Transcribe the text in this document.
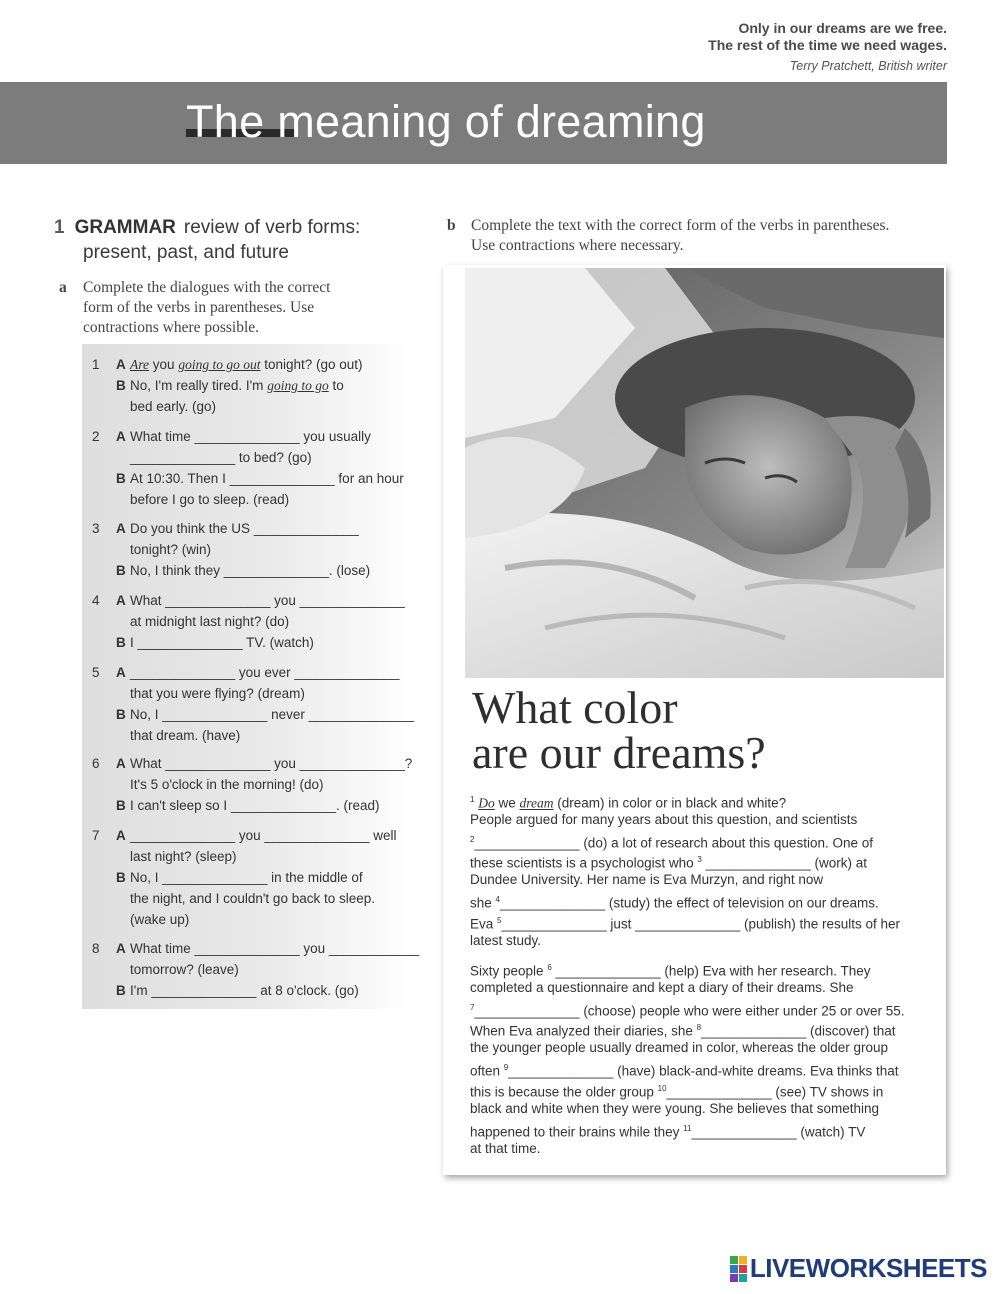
Only in our dreams are we free.
The rest of the time we need wages.
Terry Pratchett, British writer
The meaning of dreaming
1 GRAMMAR review of verb forms:
present, past, and future
a Complete the dialogues with the correct
form of the verbs in parentheses. Use
contractions where possible.
b Complete the text with the correct form of the verbs in parentheses.
Use contractions where necessary.
1 A Are you going to go out tonight? (go out)
B No, I'm really tired. I'm going to go to
bed early. (go)
2 A What time ______________ you usually
______________ to bed? (go)
B At 10:30. Then I ______________ for an hour
before I go to sleep. (read)
3 A Do you think the US ______________
tonight? (win)
B No, I think they ______________. (lose)
4 A What ______________ you ______________
at midnight last night? (do)
B I ______________ TV. (watch)
5 A ______________ you ever ______________
that you were flying? (dream)
B No, I ______________ never ______________
that dream. (have)
6 A What ______________ you ______________?
It's 5 o'clock in the morning! (do)
B I can't sleep so I ______________. (read)
7 A ______________ you ______________ well
last night? (sleep)
B No, I ______________ in the middle of
the night, and I couldn't go back to sleep.
(wake up)
8 A What time ______________ you ____________
tomorrow? (leave)
B I'm ______________ at 8 o'clock. (go)
What color
are our dreams?
$^1$ Do we dream (dream) in color or in black and white?
People argued for many years about this question, and scientists
$^2$______________ (do) a lot of research about this question. One of
these scientists is a psychologist who $^3$ ______________ (work) at
Dundee University. Her name is Eva Murzyn, and right now
she $^4$______________ (study) the effect of television on our dreams.
Eva $^5$______________ just ______________ (publish) the results of her
latest study.
Sixty people $^6$ ______________ (help) Eva with her research. They
completed a questionnaire and kept a diary of their dreams. She
$^7$______________ (choose) people who were either under 25 or over 55.
When Eva analyzed their diaries, she $^8$______________ (discover) that
the younger people usually dreamed in color, whereas the older group
often $^9$______________ (have) black-and-white dreams. Eva thinks that
this is because the older group $^{10}$______________ (see) TV shows in
black and white when they were young. She believes that something
happened to their brains while they $^{11}$______________ (watch) TV
at that time.
LIVEWORKSHEETS
